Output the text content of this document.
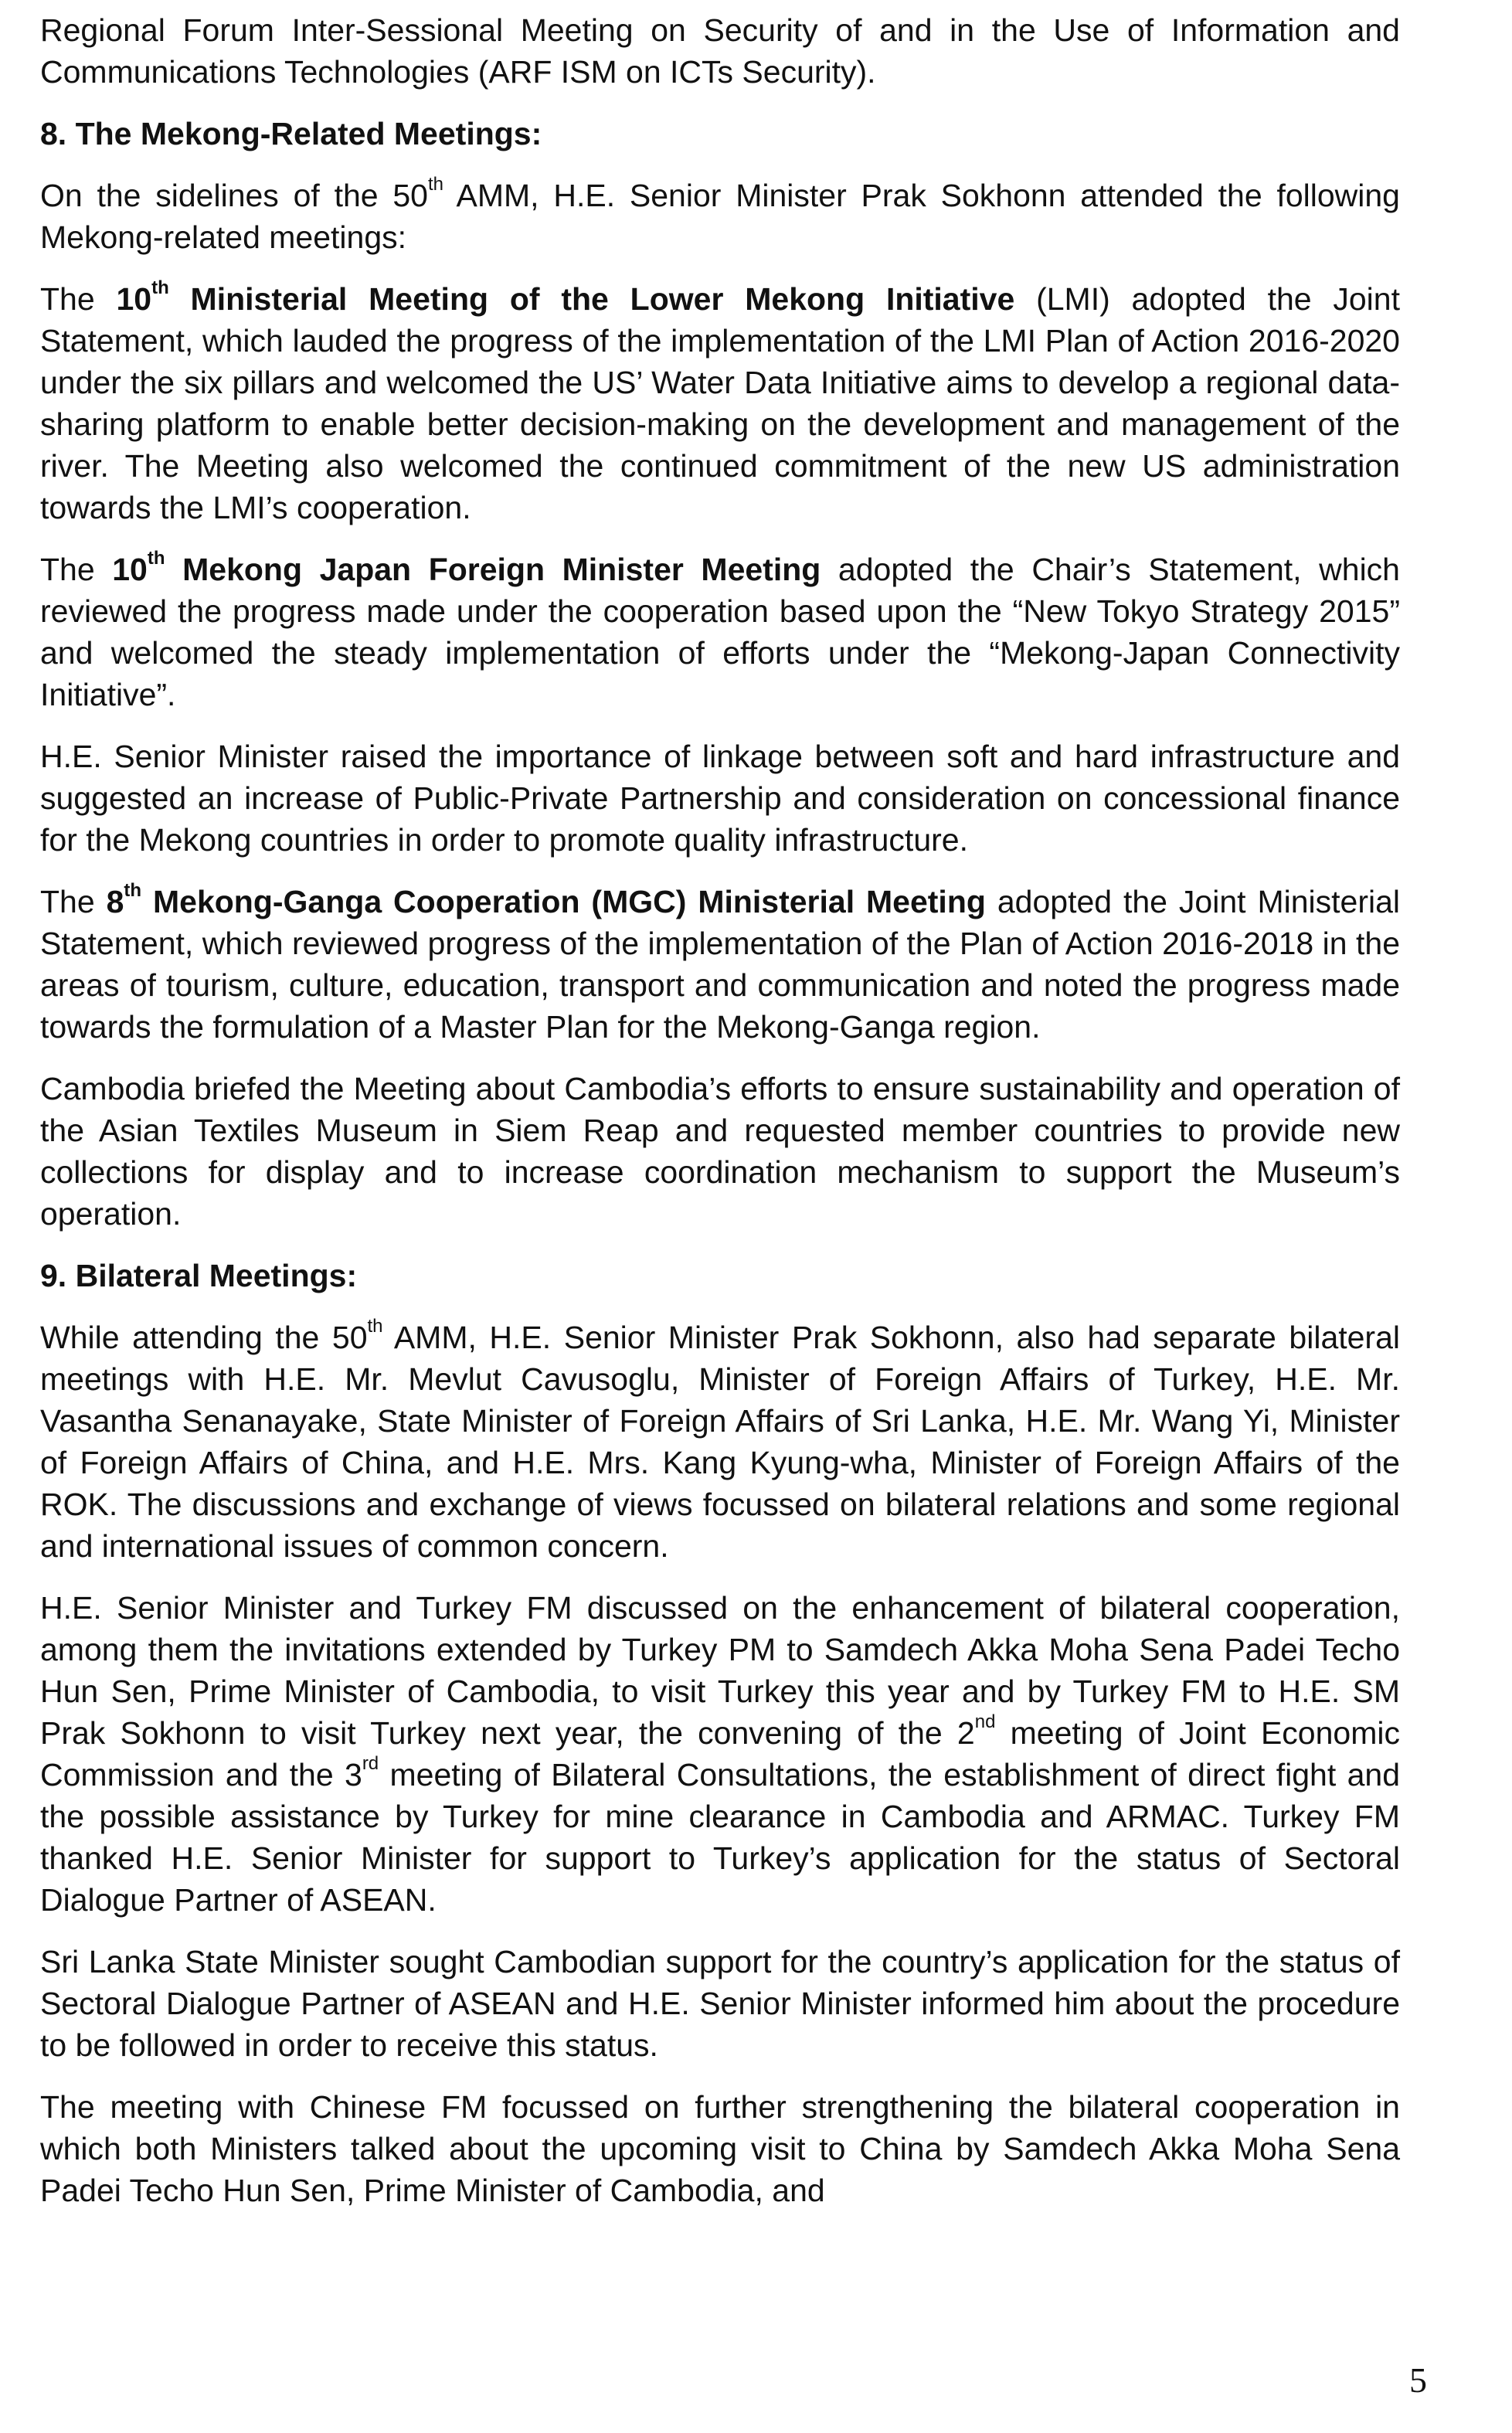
Regional Forum Inter-Sessional Meeting on Security of and in the Use of Information and Communications Technologies (ARF ISM on ICTs Security).

8. The Mekong-Related Meetings:

On the sidelines of the 50th AMM, H.E. Senior Minister Prak Sokhonn attended the following Mekong-related meetings:

The 10th Ministerial Meeting of the Lower Mekong Initiative (LMI) adopted the Joint Statement, which lauded the progress of the implementation of the LMI Plan of Action 2016-2020 under the six pillars and welcomed the US’ Water Data Initiative aims to develop a regional data-sharing platform to enable better decision-making on the development and management of the river. The Meeting also welcomed the continued commitment of the new US administration towards the LMI’s cooperation.

The 10th Mekong Japan Foreign Minister Meeting adopted the Chair’s Statement, which reviewed the progress made under the cooperation based upon the “New Tokyo Strategy 2015” and welcomed the steady implementation of efforts under the “Mekong-Japan Connectivity Initiative”.

H.E. Senior Minister raised the importance of linkage between soft and hard infrastructure and suggested an increase of Public-Private Partnership and consideration on concessional finance for the Mekong countries in order to promote quality infrastructure.

The 8th Mekong-Ganga Cooperation (MGC) Ministerial Meeting adopted the Joint Ministerial Statement, which reviewed progress of the implementation of the Plan of Action 2016-2018 in the areas of tourism, culture, education, transport and communication and noted the progress made towards the formulation of a Master Plan for the Mekong-Ganga region.

Cambodia briefed the Meeting about Cambodia’s efforts to ensure sustainability and operation of the Asian Textiles Museum in Siem Reap and requested member countries to provide new collections for display and to increase coordination mechanism to support the Museum’s operation.

9. Bilateral Meetings:

While attending the 50th AMM, H.E. Senior Minister Prak Sokhonn, also had separate bilateral meetings with H.E. Mr. Mevlut Cavusoglu, Minister of Foreign Affairs of Turkey, H.E. Mr. Vasantha Senanayake, State Minister of Foreign Affairs of Sri Lanka, H.E. Mr. Wang Yi, Minister of Foreign Affairs of China, and H.E. Mrs. Kang Kyung-wha, Minister of Foreign Affairs of the ROK. The discussions and exchange of views focussed on bilateral relations and some regional and international issues of common concern.

H.E. Senior Minister and Turkey FM discussed on the enhancement of bilateral cooperation, among them the invitations extended by Turkey PM to Samdech Akka Moha Sena Padei Techo Hun Sen, Prime Minister of Cambodia, to visit Turkey this year and by Turkey FM to H.E. SM Prak Sokhonn to visit Turkey next year, the convening of the 2nd meeting of Joint Economic Commission and the 3rd meeting of Bilateral Consultations, the establishment of direct fight and the possible assistance by Turkey for mine clearance in Cambodia and ARMAC. Turkey FM thanked H.E. Senior Minister for support to Turkey’s application for the status of Sectoral Dialogue Partner of ASEAN.

Sri Lanka State Minister sought Cambodian support for the country’s application for the status of Sectoral Dialogue Partner of ASEAN and H.E. Senior Minister informed him about the procedure to be followed in order to receive this status.

The meeting with Chinese FM focussed on further strengthening the bilateral cooperation in which both Ministers talked about the upcoming visit to China by Samdech Akka Moha Sena Padei Techo Hun Sen, Prime Minister of Cambodia, and

5
